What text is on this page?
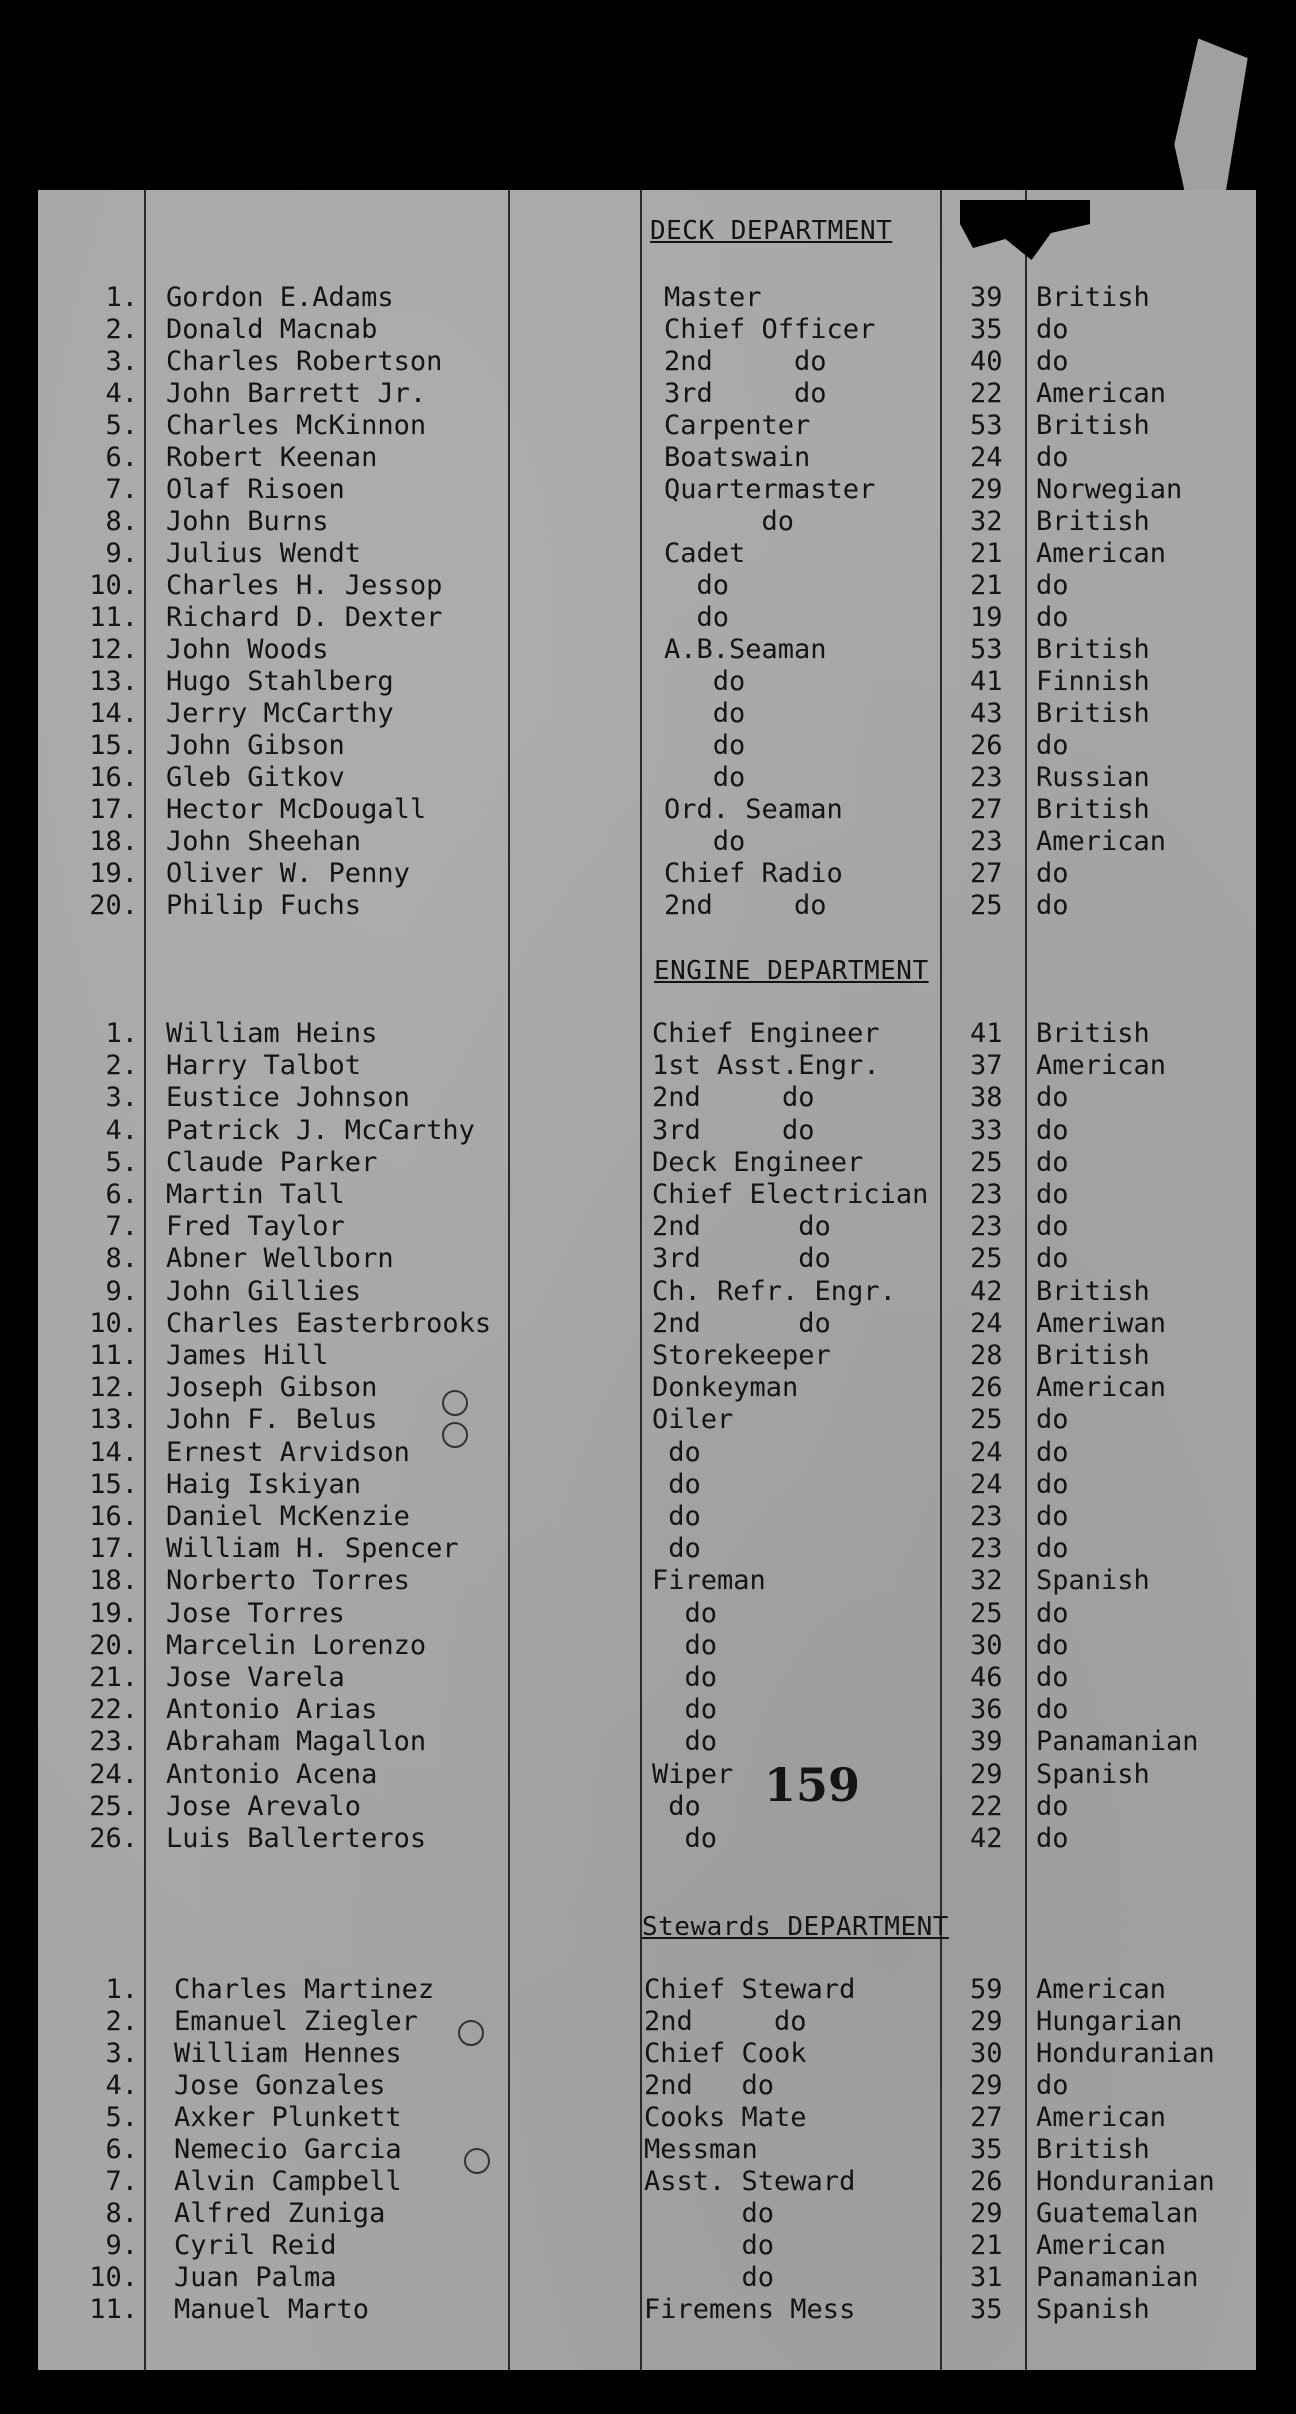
DECK DEPARTMENT
1. Gordon E.Adams	Master	39 British
2. Donald Macnab	Chief Officer	35 do
3. Charles Robertson	2nd     do	40 do
4. John Barrett Jr.	3rd     do	22 American
5. Charles McKinnon	Carpenter	53 British
6. Robert Keenan	Boatswain	24 do
7. Olaf Risoen	Quartermaster	29 Norwegian
8. John Burns	do	32 British
9. Julius Wendt	Cadet	21 American
10. Charles H. Jessop	do	21 do
11. Richard D. Dexter	do	19 do
12. John Woods	A.B.Seaman	53 British
13. Hugo Stahlberg	do	41 Finnish
14. Jerry McCarthy	do	43 British
15. John Gibson	do	26 do
16. Gleb Gitkov	do	23 Russian
17. Hector McDougall	Ord. Seaman	27 British
18. John Sheehan	do	23 American
19. Oliver W. Penny	Chief Radio	27 do
20. Philip Fuchs	2nd     do	25 do
ENGINE DEPARTMENT
1. William Heins	Chief Engineer	41 British
2. Harry Talbot	1st Asst.Engr.	37 American
3. Eustice Johnson	2nd     do	38 do
4. Patrick J. McCarthy	3rd     do	33 do
5. Claude Parker	Deck Engineer	25 do
6. Martin Tall	Chief Electrician 23 do
7. Fred Taylor	2nd      do	23 do
8. Abner Wellborn	3rd      do	25 do
9. John Gillies	Ch. Refr. Engr.	42 British
10. Charles Easterbrooks	2nd      do	24 Ameriwan
11. James Hill	Storekeeper	28 British
12. Joseph Gibson	Donkeyman	26 American
13. John F. Belus	Oiler	25 do
14. Ernest Arvidson	do	24 do
15. Haig Iskiyan	do	24 do
16. Daniel McKenzie	do	23 do
17. William H. Spencer	do	23 do
18. Norberto Torres	Fireman	32 Spanish
19. Jose Torres	do	25 do
20. Marcelin Lorenzo	do	30 do
21. Jose Varela	do	46 do
22. Antonio Arias	do	36 do
23. Abraham Magallon	do	39 Panamanian
24. Antonio Acena	Wiper	29 Spanish
25. Jose Arevalo	do	22 do
26. Luis Ballerteros	do	42 do
159
Stewards DEPARTMENT
1. Charles Martinez	Chief Steward	59 American
2. Emanuel Ziegler	2nd     do	29 Hungarian
3. William Hennes	Chief Cook	30 Honduranian
4. Jose Gonzales	2nd   do	29 do
5. Axker Plunkett	Cooks Mate	27 American
6. Nemecio Garcia	Messman	35 British
7. Alvin Campbell	Asst. Steward	26 Honduranian
8. Alfred Zuniga	do	29 Guatemalan
9. Cyril Reid	do	21 American
10. Juan Palma	do	31 Panamanian
11. Manuel Marto	Firemens Mess	35 Spanish
